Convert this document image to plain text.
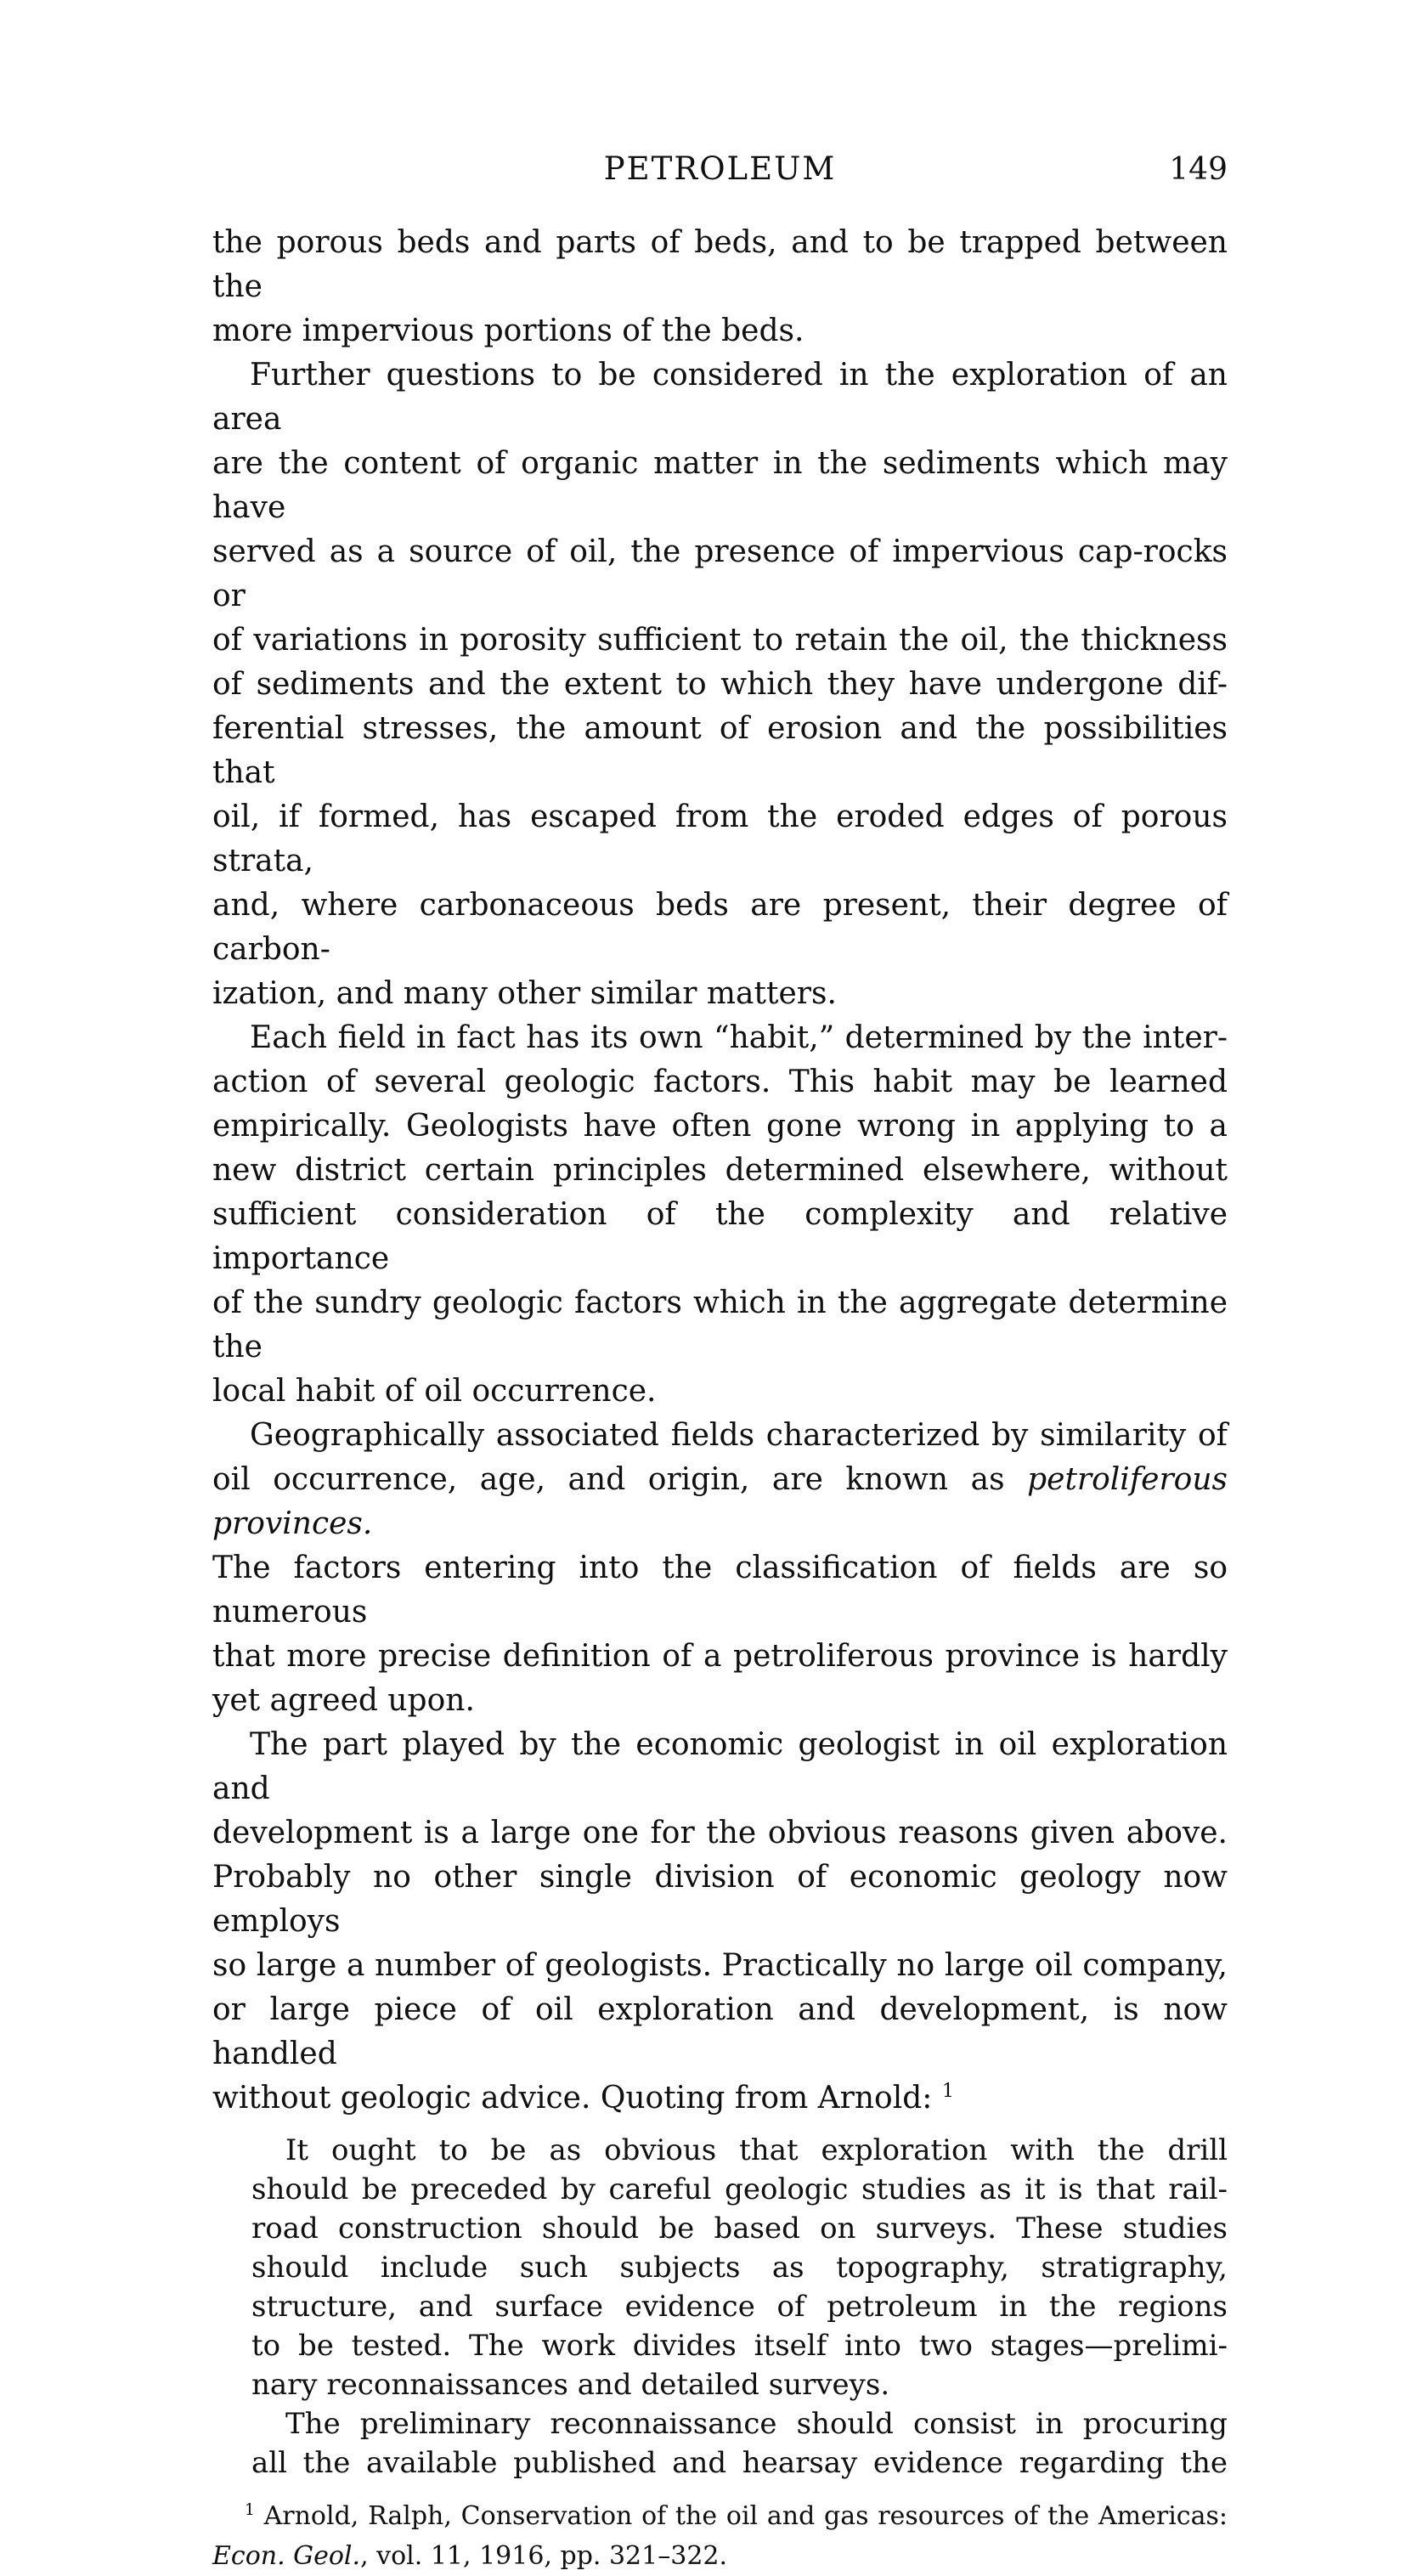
PETROLEUM	149
the porous beds and parts of beds, and to be trapped between the
more impervious portions of the beds.
Further questions to be considered in the exploration of an area
are the content of organic matter in the sediments which may have
served as a source of oil, the presence of impervious cap-rocks or
of variations in porosity sufficient to retain the oil, the thickness
of sediments and the extent to which they have undergone dif-
ferential stresses, the amount of erosion and the possibilities that
oil, if formed, has escaped from the eroded edges of porous strata,
and, where carbonaceous beds are present, their degree of carbon-
ization, and many other similar matters.
Each field in fact has its own “habit,” determined by the inter-
action of several geologic factors. This habit may be learned
empirically. Geologists have often gone wrong in applying to a
new district certain principles determined elsewhere, without
sufficient consideration of the complexity and relative importance
of the sundry geologic factors which in the aggregate determine the
local habit of oil occurrence.
Geographically associated fields characterized by similarity of
oil occurrence, age, and origin, are known as petroliferous provinces.
The factors entering into the classification of fields are so numerous
that more precise definition of a petroliferous province is hardly
yet agreed upon.
The part played by the economic geologist in oil exploration and
development is a large one for the obvious reasons given above.
Probably no other single division of economic geology now employs
so large a number of geologists. Practically no large oil company,
or large piece of oil exploration and development, is now handled
without geologic advice. Quoting from Arnold: $^1$
It ought to be as obvious that exploration with the drill
should be preceded by careful geologic studies as it is that rail-
road construction should be based on surveys. These studies
should include such subjects as topography, stratigraphy,
structure, and surface evidence of petroleum in the regions
to be tested. The work divides itself into two stages—prelimi-
nary reconnaissances and detailed surveys.
The preliminary reconnaissance should consist in procuring
all the available published and hearsay evidence regarding the
$^1$ Arnold, Ralph, Conservation of the oil and gas resources of the Americas:
Econ. Geol., vol. 11, 1916, pp. 321–322.
